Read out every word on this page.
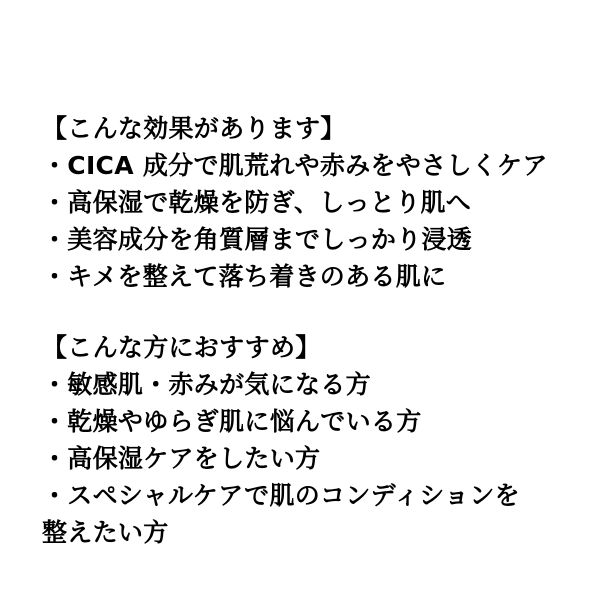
【こんな効果があります】
・CICA 成分で肌荒れや赤みをやさしくケア
・高保湿で乾燥を防ぎ、しっとり肌へ
・美容成分を角質層までしっかり浸透
・キメを整えて落ち着きのある肌に
【こんな方におすすめ】
・敏感肌・赤みが気になる方
・乾燥やゆらぎ肌に悩んでいる方
・高保湿ケアをしたい方
・スペシャルケアで肌のコンディションを
整えたい方
